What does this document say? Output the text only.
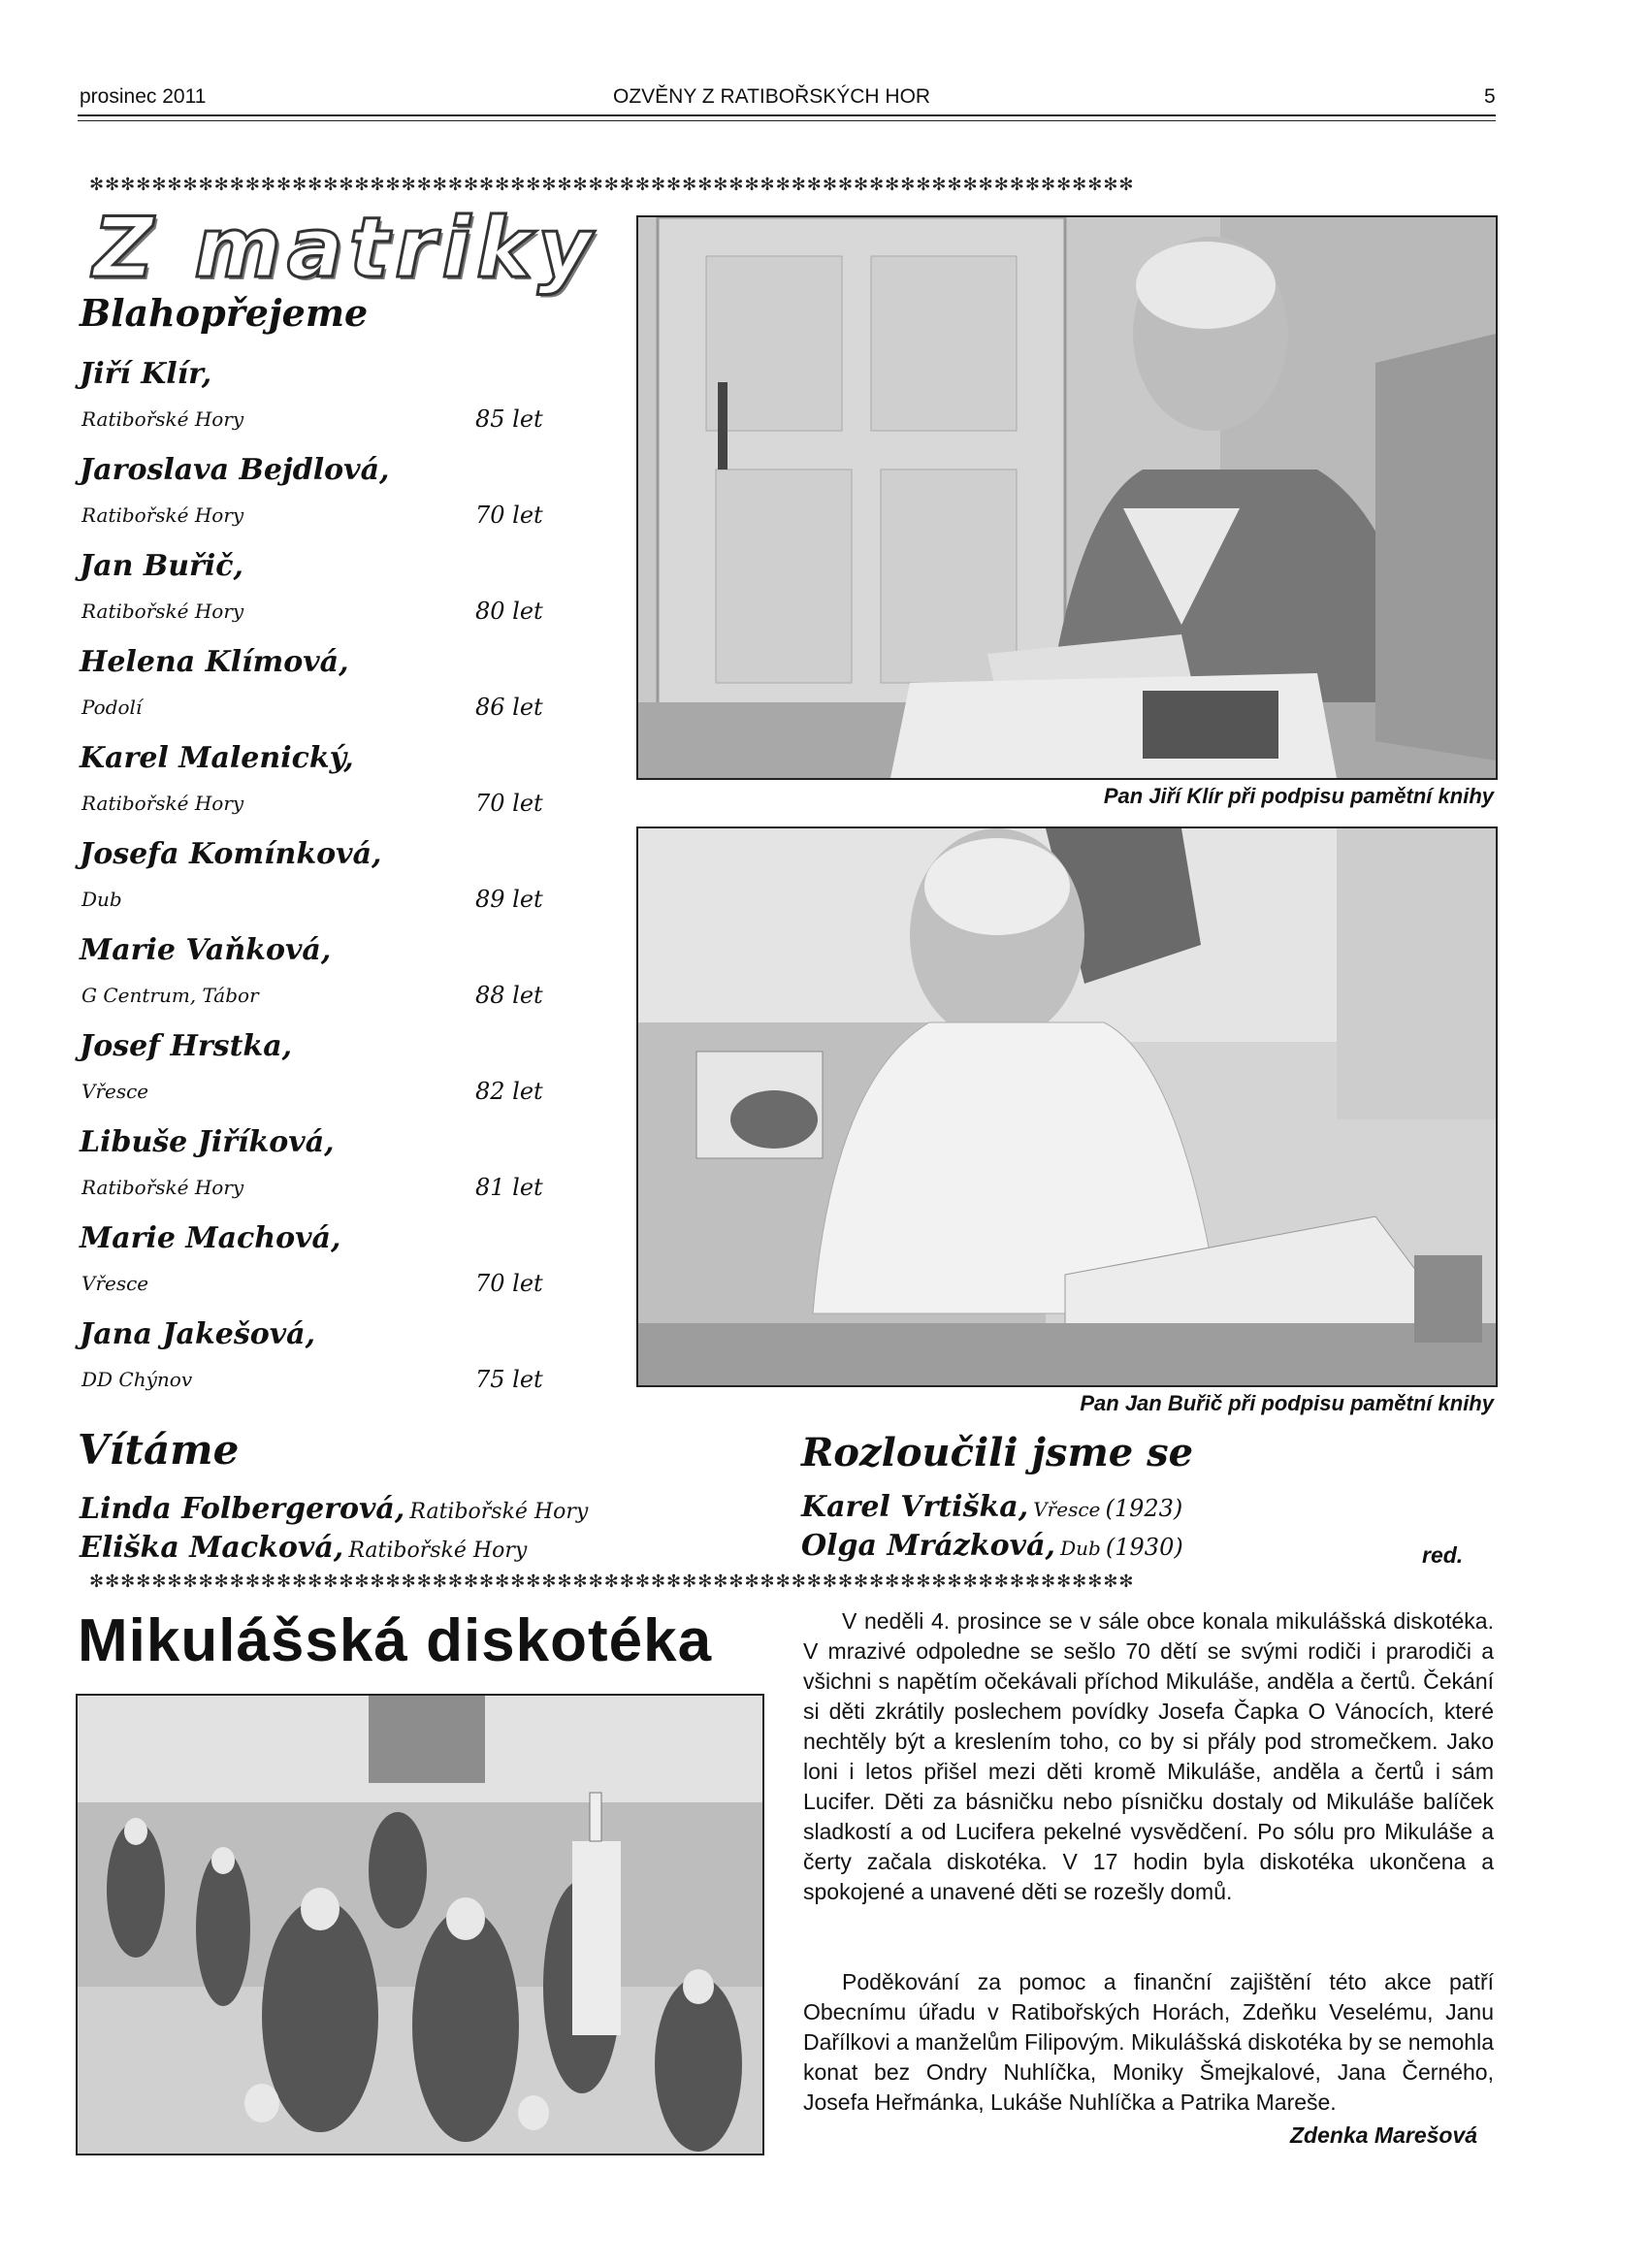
prosinec 2011	OZVĚNY Z RATIBOŘSKÝCH HOR	5
✻✻✻✻✻✻✻✻✻✻✻✻✻✻✻✻✻✻✻✻✻✻✻✻✻✻✻✻✻✻✻✻✻✻✻✻✻✻✻✻✻✻✻✻✻✻✻✻✻✻✻✻✻✻✻✻✻✻✻✻✻✻✻✻✻✻✻
Z matriky
Blahopřejeme
Jiří Klír,
Ratibořské Hory	85 let
Jaroslava Bejdlová,
Ratibořské Hory	70 let
Jan Buřič,
Ratibořské Hory	80 let
Helena Klímová,
Podolí	86 let
Karel Malenický,
Ratibořské Hory	70 let
Josefa Komínková,
Dub	89 let
Marie Vaňková,
G Centrum, Tábor	88 let
Josef Hrstka,
Vřesce	82 let
Libuše Jiříková,
Ratibořské Hory	81 let
Marie Machová,
Vřesce	70 let
Jana Jakešová,
DD Chýnov	75 let
Vítáme
Linda Folbergerová, Ratibořské Hory
Eliška Macková, Ratibořské Hory
Pan Jiří Klír při podpisu pamětní knihy
Pan Jan Buřič při podpisu pamětní knihy
Rozloučili jsme se
Karel Vrtiška, Vřesce (1923)
Olga Mrázková, Dub (1930)	red.
✻✻✻✻✻✻✻✻✻✻✻✻✻✻✻✻✻✻✻✻✻✻✻✻✻✻✻✻✻✻✻✻✻✻✻✻✻✻✻✻✻✻✻✻✻✻✻✻✻✻✻✻✻✻✻✻✻✻✻✻✻✻✻✻✻✻✻
Mikulášská diskotéka	V neděli 4. prosince se v sále obce konala mikulášská diskotéka. V mrazivé odpoledne se sešlo 70 dětí se svými rodiči i prarodiči a všichni s napětím očekávali příchod Mikuláše, anděla a čertů. Čekání si děti zkrátily poslechem povídky Josefa Čapka O Vánocích, které nechtěly být a kreslením toho, co by si přály pod stromečkem. Jako loni i letos přišel mezi děti kromě Mikuláše, anděla a čertů i sám Lucifer. Děti za básničku nebo písničku dostaly od Mikuláše balíček sladkostí a od Lucifera pekelné vysvědčení. Po sólu pro Mikuláše a čerty začala diskotéka. V 17 hodin byla diskotéka ukončena a spokojené a unavené děti se rozešly domů.
Poděkování za pomoc a finanční zajištění této akce patří Obecnímu úřadu v Ratibořských Horách, Zdeňku Veselému, Janu Dařílkovi a manželům Filipovým. Mikulášská diskotéka by se nemohla konat bez Ondry Nuhlíčka, Moniky Šmejkalové, Jana Černého, Josefa Heřmánka, Lukáše Nuhlíčka a Patrika Mareše.
Zdenka Marešová
